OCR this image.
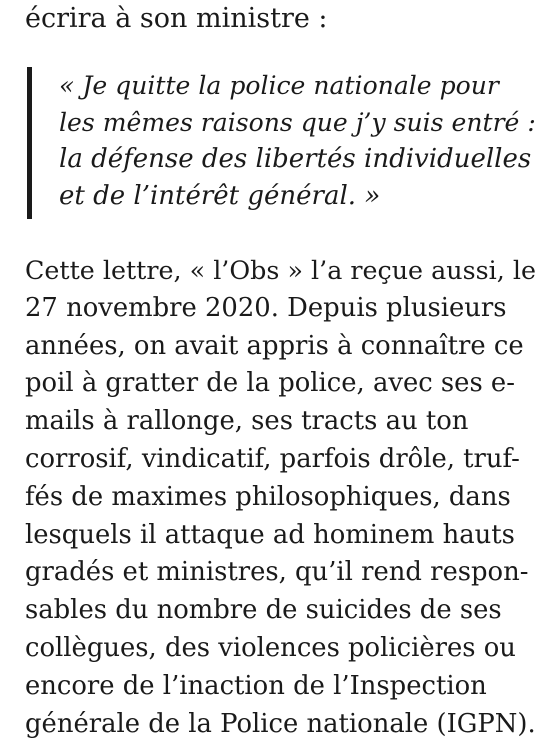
écrira à son ministre :
« Je quitte la police nationale pour
les mêmes raisons que j’y suis entré :
la défense des libertés individuelles
et de l’intérêt général. »
Cette lettre, « l’Obs » l’a reçue aussi, le
27 novembre 2020. Depuis plusieurs
années, on avait appris à connaître ce
poil à gratter de la police, avec ses e-
mails à rallonge, ses tracts au ton
corrosif, vindicatif, parfois drôle, truf-
fés de maximes philosophiques, dans
lesquels il attaque ad hominem hauts
gradés et ministres, qu’il rend respon-
sables du nombre de suicides de ses
collègues, des violences policières ou
encore de l’inaction de l’Inspection
générale de la Police nationale (IGPN).
